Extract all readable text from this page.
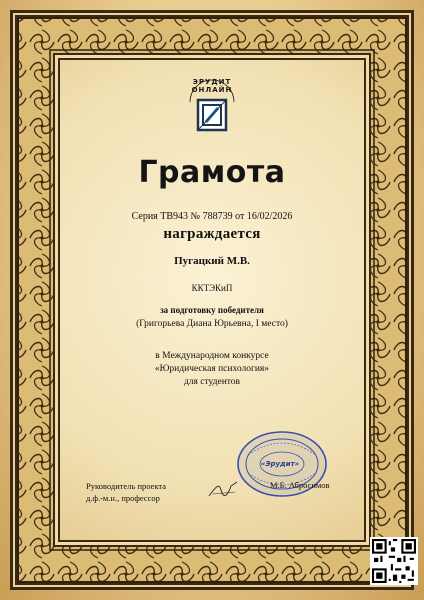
ЭРУДИТ ОНЛАЙН
Грамота
Серия ТВ943 № 788739 от 16/02/2026
награждается
Пугацкий М.В.
ККТЭКиП
за подготовку победителя
(Григорьева Диана Юрьевна, I место)
в Международном конкурсе
«Юридическая психология»
для студентов
«Эрудит»
Руководитель проекта
д.ф.-м.н., профессор
М.Б. Абросимов
